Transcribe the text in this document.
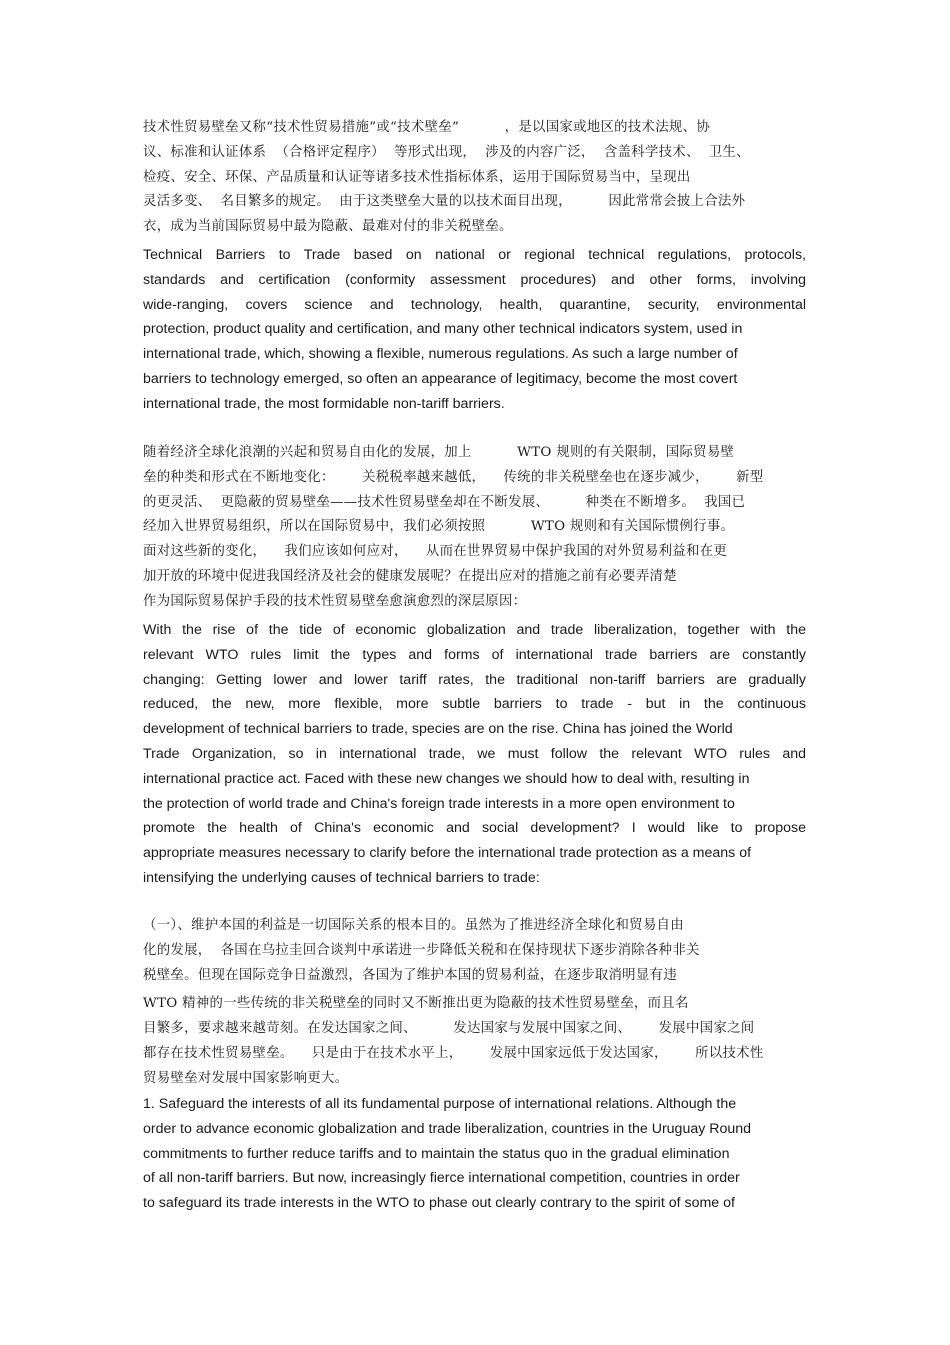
技术性贸易壁垒又称“技术性贸易措施”或“技术壁垒”          ，是以国家或地区的技术法规、协
议、标准和认证体系  （合格评定程序）  等形式出现，  涉及的内容广泛，  含盖科学技术、  卫生、
检疫、安全、环保、产品质量和认证等诸多技术性指标体系，运用于国际贸易当中，呈现出
灵活多变、  名目繁多的规定。  由于这类壁垒大量的以技术面目出现，        因此常常会披上合法外
衣，成为当前国际贸易中最为隐蔽、最难对付的非关税壁垒。
Technical Barriers to Trade based on national or regional technical regulations, protocols,
standards and certification (conformity assessment procedures) and other forms, involving
wide-ranging, covers science and technology, health, quarantine, security, environmental
protection, product quality and certification, and many other technical indicators system, used in
international trade, which, showing a flexible, numerous regulations. As such a large number of
barriers to technology emerged, so often an appearance of legitimacy, become the most covert
international trade, the most formidable non-tariff barriers.
随着经济全球化浪潮的兴起和贸易自由化的发展，加上          WTO 规则的有关限制，国际贸易壁
垒的种类和形式在不断地变化：      关税税率越来越低，    传统的非关税壁垒也在逐步减少，      新型
的更灵活、  更隐蔽的贸易壁垒——技术性贸易壁垒却在不断发展、        种类在不断增多。  我国已
经加入世界贸易组织，所以在国际贸易中，我们必须按照          WTO 规则和有关国际惯例行事。
面对这些新的变化，    我们应该如何应对，    从而在世界贸易中保护我国的对外贸易利益和在更
加开放的环境中促进我国经济及社会的健康发展呢？在提出应对的措施之前有必要弄清楚
作为国际贸易保护手段的技术性贸易壁垒愈演愈烈的深层原因：
With the rise of the tide of economic globalization and trade liberalization, together with the
relevant WTO rules limit the types and forms of international trade barriers are constantly
changing: Getting lower and lower tariff rates, the traditional non-tariff barriers are gradually
reduced, the new, more flexible, more subtle barriers to trade - but in the continuous
development of technical barriers to trade, species are on the rise. China has joined the World
Trade Organization, so in international trade, we must follow the relevant WTO rules and
international practice act. Faced with these new changes we should how to deal with, resulting in
the protection of world trade and China's foreign trade interests in a more open environment to
promote the health of China's economic and social development? I would like to propose
appropriate measures necessary to clarify before the international trade protection as a means of
intensifying the underlying causes of technical barriers to trade:
（一）、维护本国的利益是一切国际关系的根本目的。虽然为了推进经济全球化和贸易自由
化的发展，  各国在乌拉圭回合谈判中承诺进一步降低关税和在保持现状下逐步消除各种非关
税壁垒。但现在国际竞争日益激烈，各国为了维护本国的贸易利益，在逐步取消明显有违
WTO 精神的一些传统的非关税壁垒的同时又不断推出更为隐蔽的技术性贸易壁垒，而且名
目繁多，要求越来越苛刻。在发达国家之间、        发达国家与发展中国家之间、      发展中国家之间
都存在技术性贸易壁垒。    只是由于在技术水平上，      发展中国家远低于发达国家，      所以技术性
贸易壁垒对发展中国家影响更大。
1. Safeguard the interests of all its fundamental purpose of international relations. Although the
order to advance economic globalization and trade liberalization, countries in the Uruguay Round
commitments to further reduce tariffs and to maintain the status quo in the gradual elimination
of all non-tariff barriers. But now, increasingly fierce international competition, countries in order
to safeguard its trade interests in the WTO to phase out clearly contrary to the spirit of some of
